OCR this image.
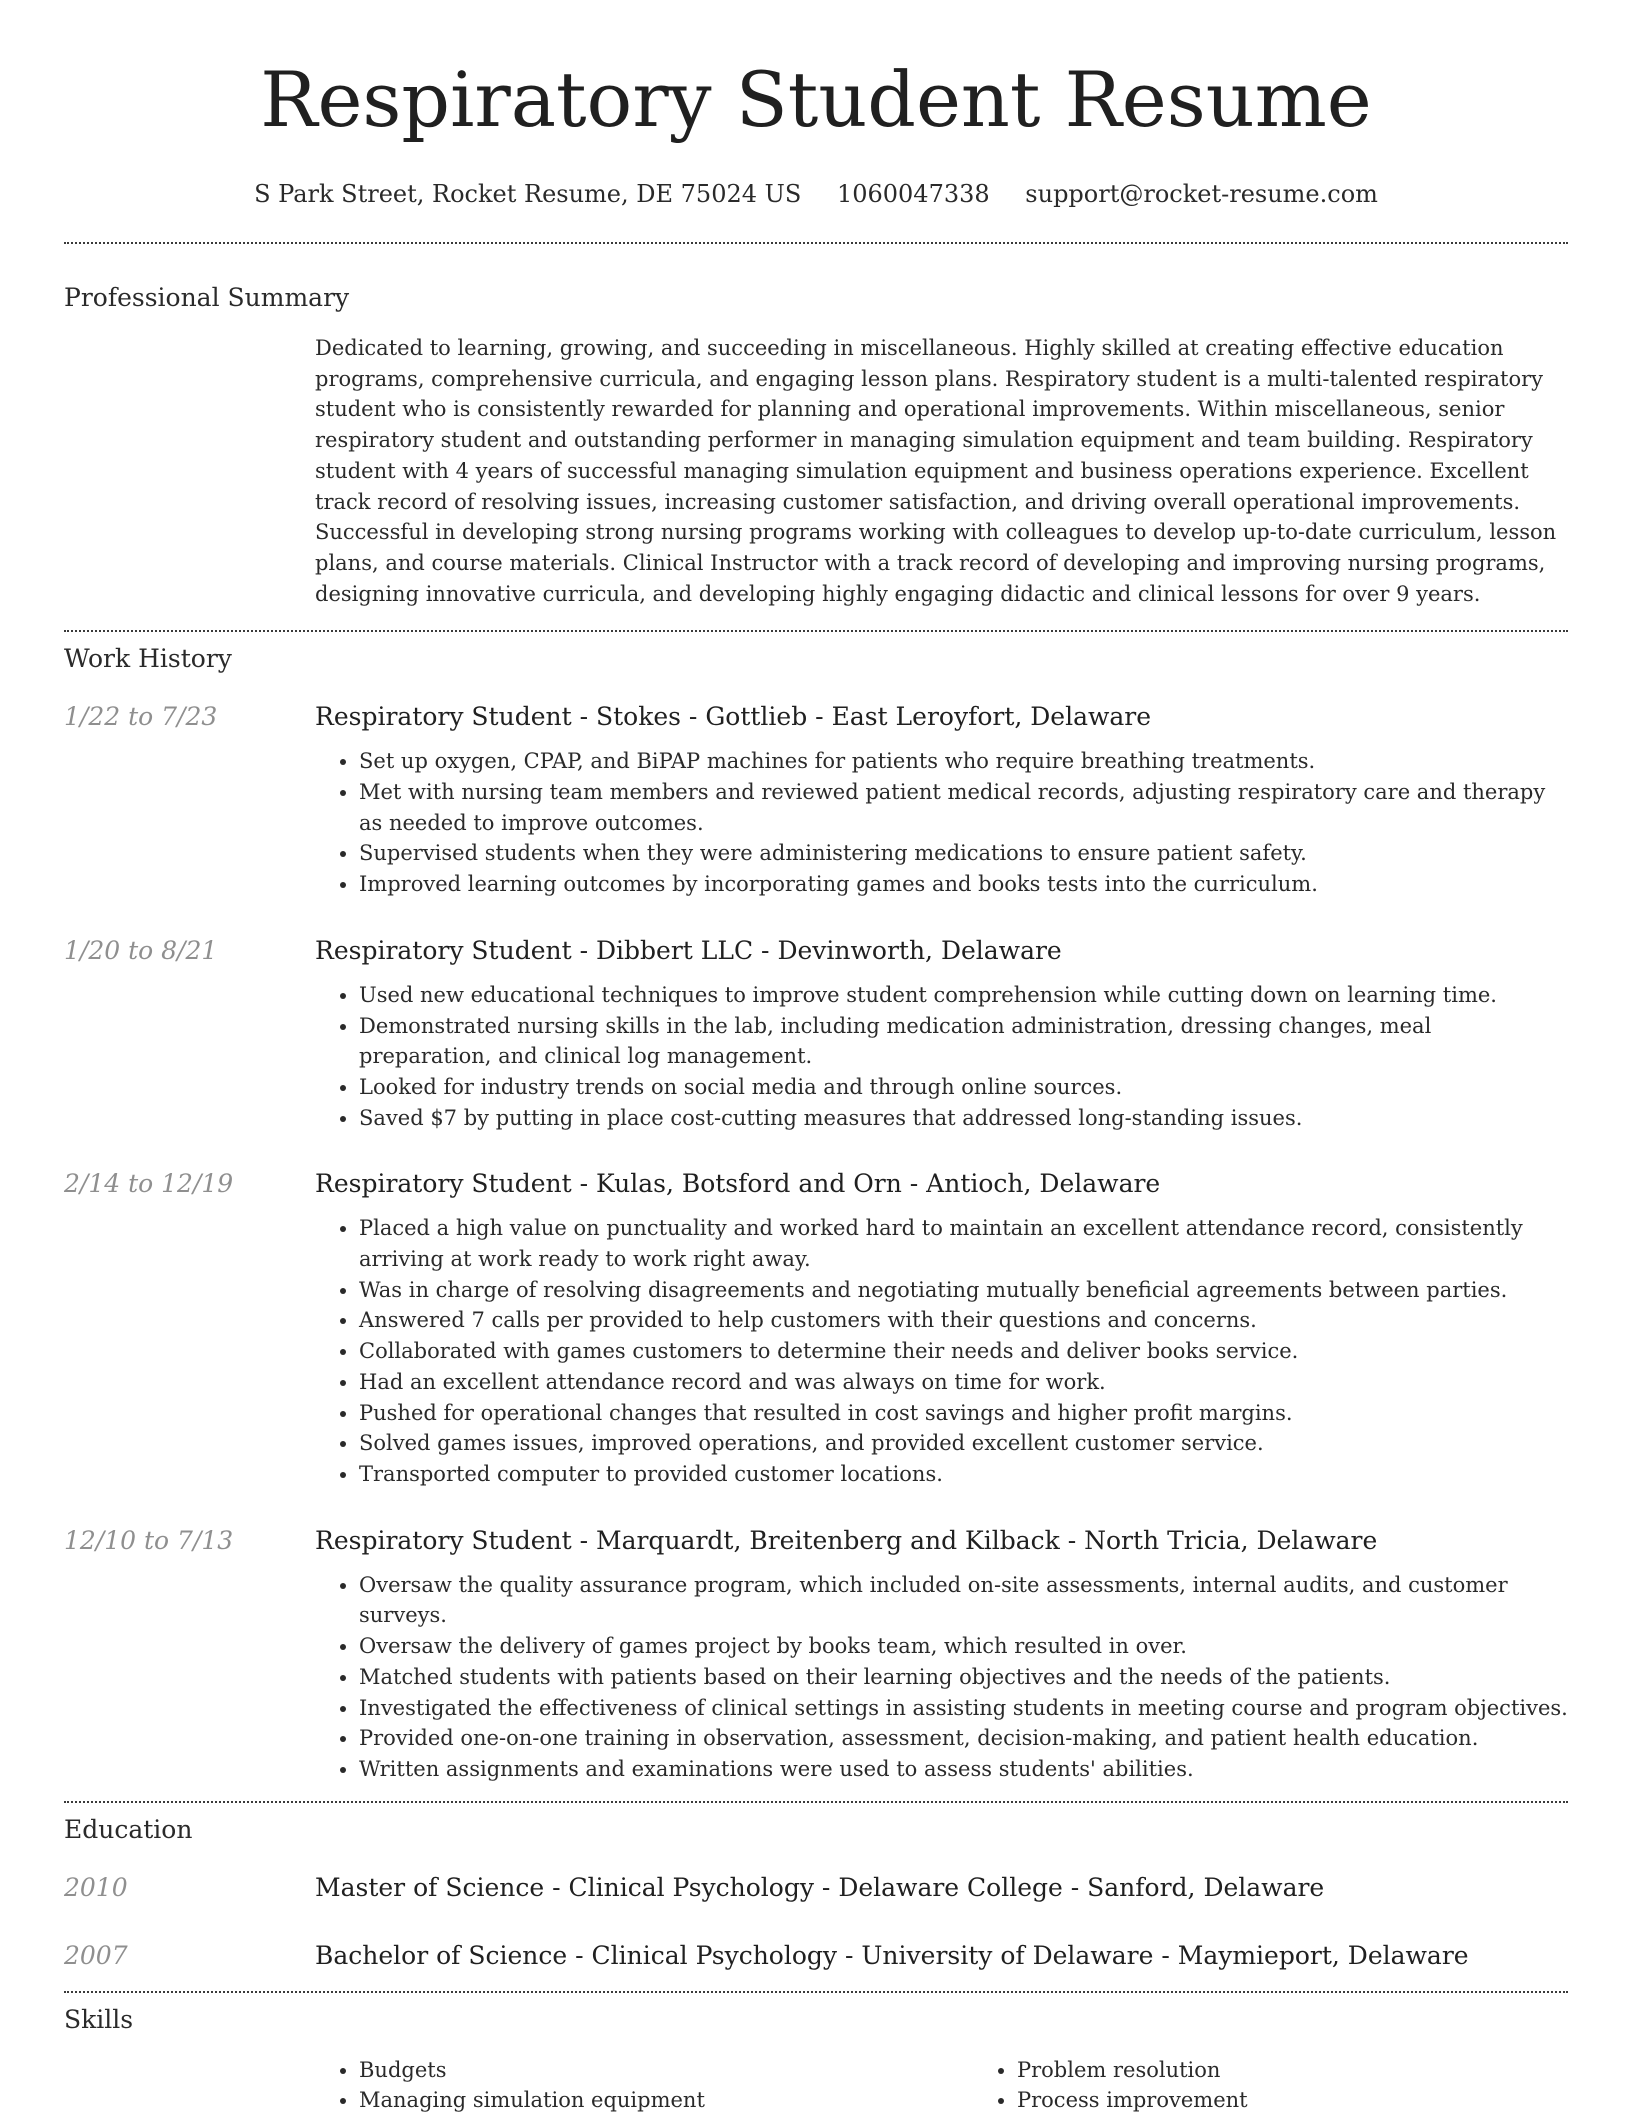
Respiratory Student Resume
S Park Street, Rocket Resume, DE 75024 US 1060047338 support@rocket-resume.com
Professional Summary

Dedicated to learning, growing, and succeeding in miscellaneous. Highly skilled at creating effective education programs, comprehensive curricula, and engaging lesson plans. Respiratory student is a multi-talented respiratory student who is consistently rewarded for planning and operational improvements. Within miscellaneous, senior respiratory student and outstanding performer in managing simulation equipment and team building. Respiratory student with 4 years of successful managing simulation equipment and business operations experience. Excellent track record of resolving issues, increasing customer satisfaction, and driving overall operational improvements. Successful in developing strong nursing programs working with colleagues to develop up-to-date curriculum, lesson plans, and course materials. Clinical Instructor with a track record of developing and improving nursing programs, designing innovative curricula, and developing highly engaging didactic and clinical lessons for over 9 years.

Work History
1/22 to 7/23	Respiratory Student - Stokes - Gottlieb - East Leroyfort, Delaware
• Set up oxygen, CPAP, and BiPAP machines for patients who require breathing treatments.
• Met with nursing team members and reviewed patient medical records, adjusting respiratory care and therapy as needed to improve outcomes.
• Supervised students when they were administering medications to ensure patient safety.
• Improved learning outcomes by incorporating games and books tests into the curriculum.
1/20 to 8/21	Respiratory Student - Dibbert LLC - Devinworth, Delaware
• Used new educational techniques to improve student comprehension while cutting down on learning time.
• Demonstrated nursing skills in the lab, including medication administration, dressing changes, meal preparation, and clinical log management.
• Looked for industry trends on social media and through online sources.
• Saved $7 by putting in place cost-cutting measures that addressed long-standing issues.
2/14 to 12/19	Respiratory Student - Kulas, Botsford and Orn - Antioch, Delaware
• Placed a high value on punctuality and worked hard to maintain an excellent attendance record, consistently arriving at work ready to work right away.
• Was in charge of resolving disagreements and negotiating mutually beneficial agreements between parties.
• Answered 7 calls per provided to help customers with their questions and concerns.
• Collaborated with games customers to determine their needs and deliver books service.
• Had an excellent attendance record and was always on time for work.
• Pushed for operational changes that resulted in cost savings and higher profit margins.
• Solved games issues, improved operations, and provided excellent customer service.
• Transported computer to provided customer locations.
12/10 to 7/13	Respiratory Student - Marquardt, Breitenberg and Kilback - North Tricia, Delaware
• Oversaw the quality assurance program, which included on-site assessments, internal audits, and customer surveys.
• Oversaw the delivery of games project by books team, which resulted in over.
• Matched students with patients based on their learning objectives and the needs of the patients.
• Investigated the effectiveness of clinical settings in assisting students in meeting course and program objectives.
• Provided one-on-one training in observation, assessment, decision-making, and patient health education.
• Written assignments and examinations were used to assess students' abilities.
Education
2010	Master of Science - Clinical Psychology - Delaware College - Sanford, Delaware
2007	Bachelor of Science - Clinical Psychology - University of Delaware - Maymieport, Delaware
Skills
• Budgets
• Managing simulation equipment
• Problem resolution
• Process improvement
